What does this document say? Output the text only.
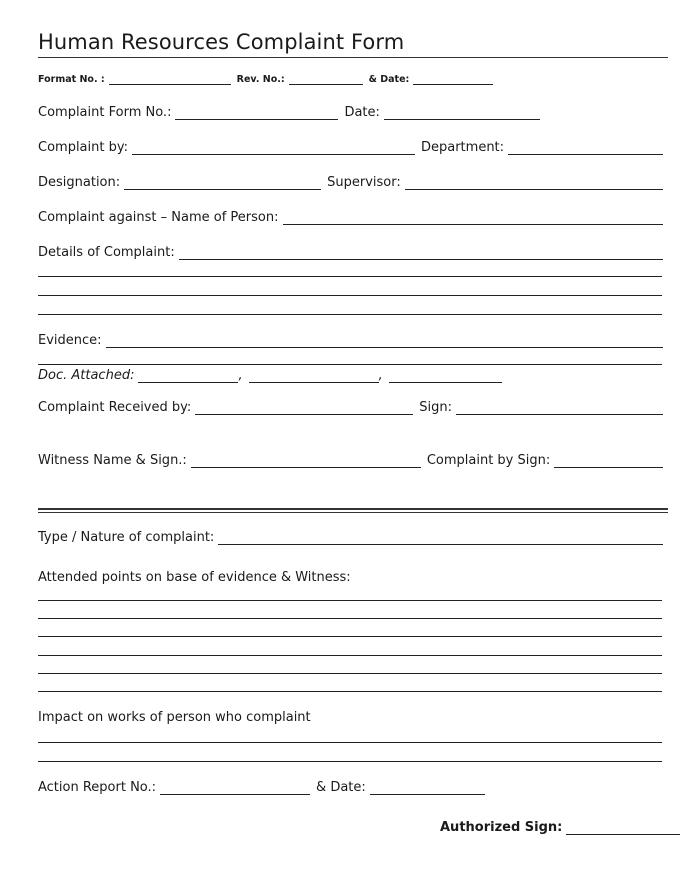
Human Resources Complaint Form
Format No. :	Rev. No.:	& Date:
Complaint Form No.:	Date:
Complaint by:	Department:
Designation:	Supervisor:
Complaint against – Name of Person:
Details of Complaint:
Evidence:
Doc. Attached:	,	,
Complaint Received by:	Sign:
Witness Name & Sign.:	Complaint by Sign:
Type / Nature of complaint:
Attended points on base of evidence & Witness:
Impact on works of person who complaint
Action Report No.:	& Date:
Authorized Sign:
